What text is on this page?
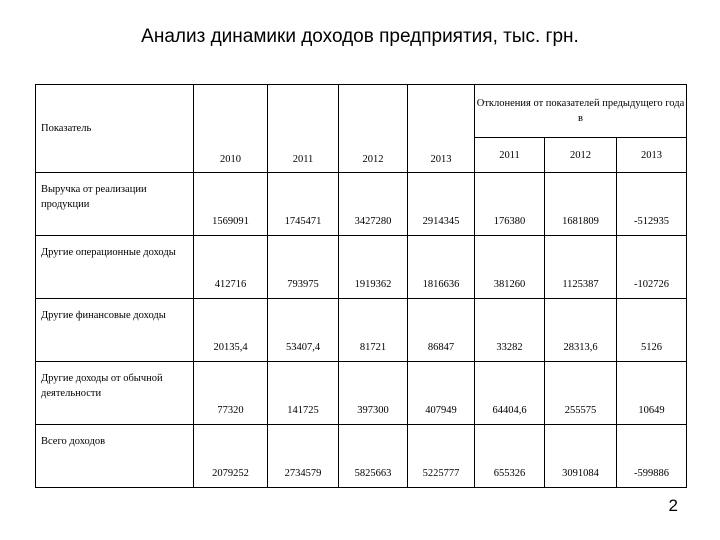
Анализ динамики доходов предприятия, тыс. грн.
Показатель	2010	2011	2012	2013	Отклонения от показателей предыдущего года в		
					2011	2012	2013
Выручка от реализации продукции	1569091	1745471	3427280	2914345	176380	1681809	-512935
Другие операционные доходы	412716	793975	1919362	1816636	381260	1125387	-102726
Другие финансовые доходы	20135,4	53407,4	81721	86847	33282	28313,6	5126
Другие доходы от обычной деятельности	77320	141725	397300	407949	64404,6	255575	10649
Всего доходов	2079252	2734579	5825663	5225777	655326	3091084	-599886
2
